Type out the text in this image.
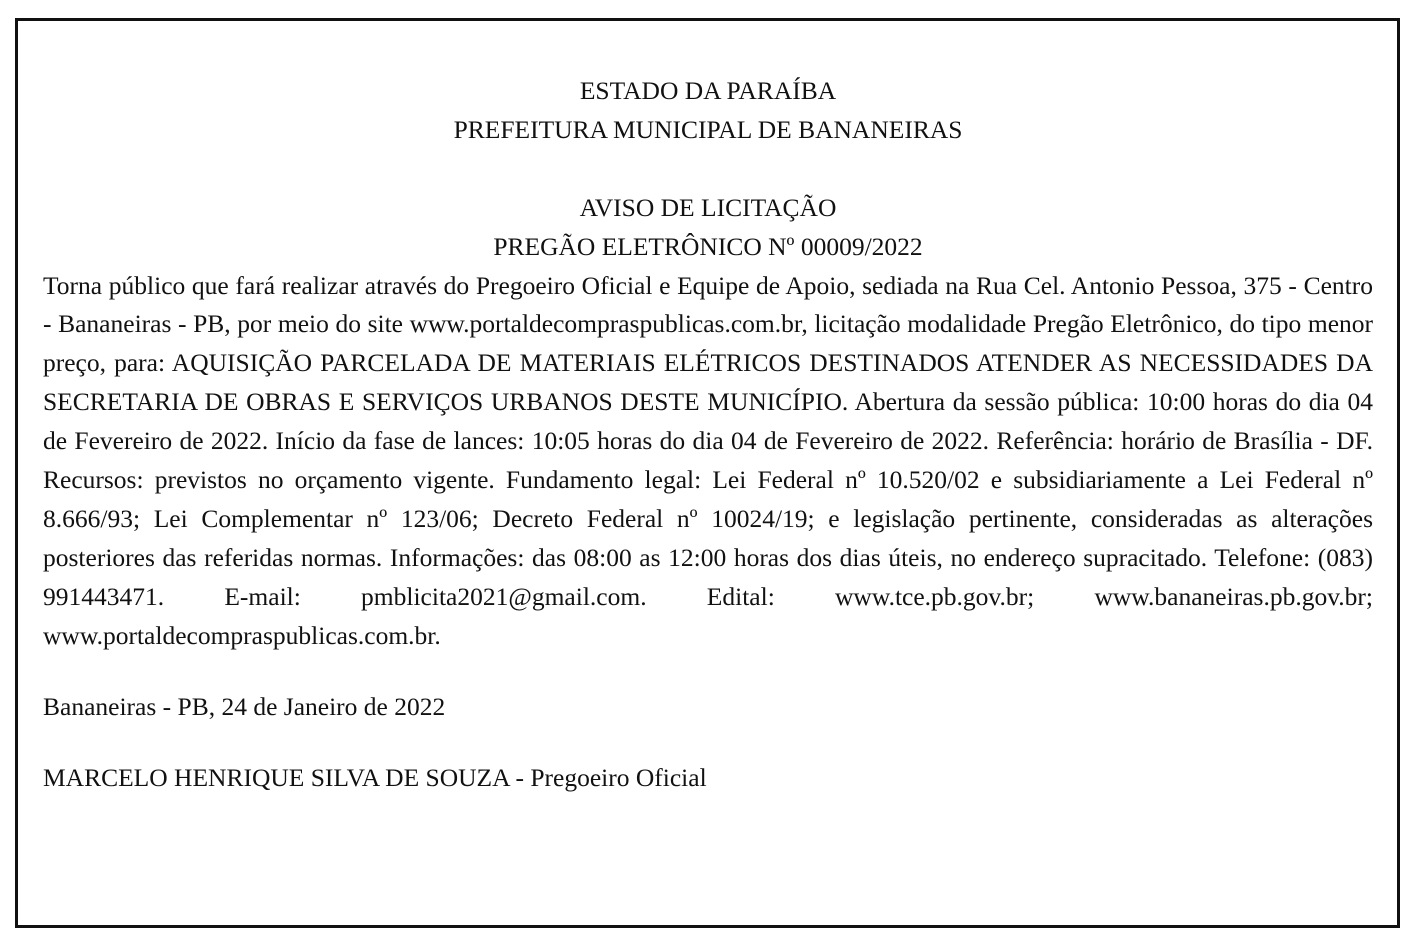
ESTADO DA PARAÍBA

PREFEITURA MUNICIPAL DE BANANEIRAS

AVISO DE LICITAÇÃO

PREGÃO ELETRÔNICO Nº 00009/2022

Torna público que fará realizar através do Pregoeiro Oficial e Equipe de Apoio, sediada na Rua Cel. Antonio Pessoa, 375 - Centro - Bananeiras - PB, por meio do site www.portaldecompraspublicas.com.br, licitação modalidade Pregão Eletrônico, do tipo menor preço, para: AQUISIÇÃO PARCELADA DE MATERIAIS ELÉTRICOS DESTINADOS ATENDER AS NECESSIDADES DA SECRETARIA DE OBRAS E SERVIÇOS URBANOS DESTE MUNICÍPIO. Abertura da sessão pública: 10:00 horas do dia 04 de Fevereiro de 2022. Início da fase de lances: 10:05 horas do dia 04 de Fevereiro de 2022. Referência: horário de Brasília - DF. Recursos: previstos no orçamento vigente. Fundamento legal: Lei Federal nº 10.520/02 e subsidiariamente a Lei Federal nº 8.666/93; Lei Complementar nº 123/06; Decreto Federal nº 10024/19; e legislação pertinente, consideradas as alterações posteriores das referidas normas. Informações: das 08:00 as 12:00 horas dos dias úteis, no endereço supracitado. Telefone: (083) 991443471. E-mail: pmblicita2021@gmail.com. Edital: www.tce.pb.gov.br; www.bananeiras.pb.gov.br; www.portaldecompraspublicas.com.br.

Bananeiras - PB, 24 de Janeiro de 2022

MARCELO HENRIQUE SILVA DE SOUZA - Pregoeiro Oficial
